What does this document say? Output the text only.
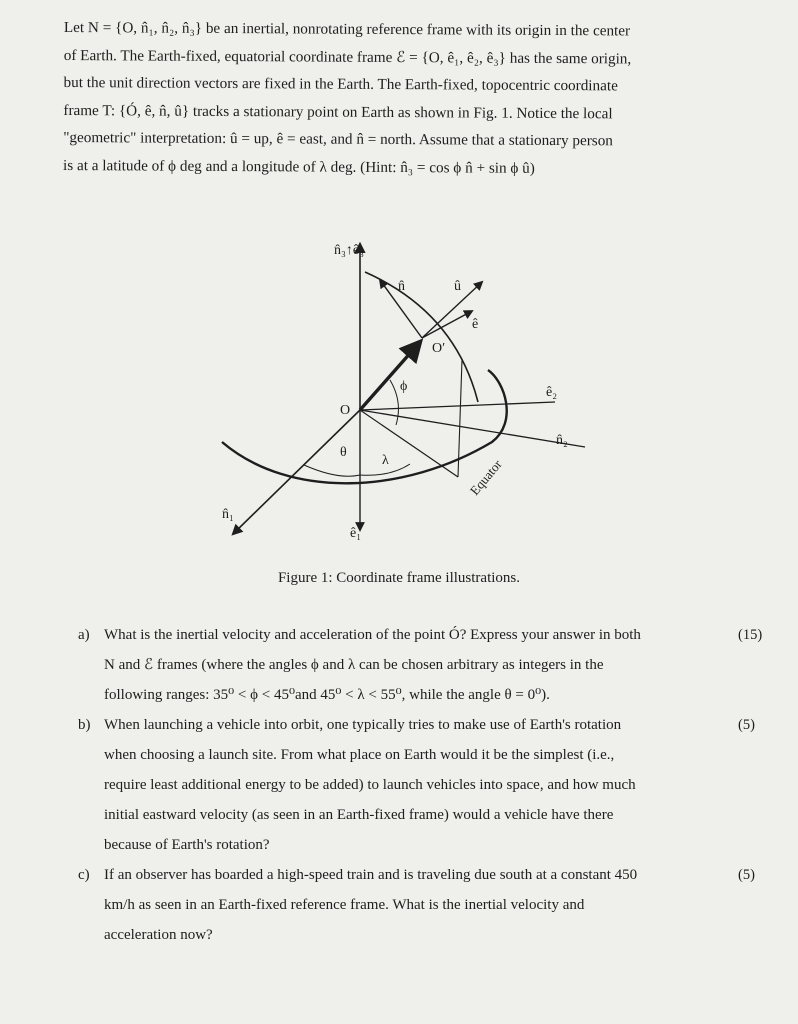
Let N = {O, n̂₁, n̂₂, n̂₃} be an inertial, nonrotating reference frame with its origin in the center
of Earth. The Earth-fixed, equatorial coordinate frame ℰ = {O, ê₁, ê₂, ê₃} has the same origin,
but the unit direction vectors are fixed in the Earth. The Earth-fixed, topocentric coordinate
frame T: {Ó, ê, n̂, û} tracks a stationary point on Earth as shown in Fig. 1. Notice the local
"geometric" interpretation: û = up, ê = east, and n̂ = north. Assume that a stationary person
is at a latitude of ϕ deg and a longitude of λ deg. (Hint: n̂₃ = cos ϕ n̂ + sin ϕ û)
n̂₃↑ê₃
n̂	û
ê
O′
ϕ
O
ê₂
n̂₂
θ
λ	Equator
n̂₁
ê₁
Figure 1: Coordinate frame illustrations.
a) What is the inertial velocity and acceleration of the point Ó? Express your answer in both
N and ℰ frames (where the angles ϕ and λ can be chosen arbitrary as integers in the
following ranges: 35⁰ < ϕ < 45⁰and 45⁰ < λ < 55⁰, while the angle θ = 0⁰).
(15)
b) When launching a vehicle into orbit, one typically tries to make use of Earth's rotation
when choosing a launch site. From what place on Earth would it be the simplest (i.e.,
require least additional energy to be added) to launch vehicles into space, and how much
initial eastward velocity (as seen in an Earth-fixed frame) would a vehicle have there
because of Earth's rotation?
(5)
c) If an observer has boarded a high-speed train and is traveling due south at a constant 450
km/h as seen in an Earth-fixed reference frame. What is the inertial velocity and
acceleration now?
(5)
